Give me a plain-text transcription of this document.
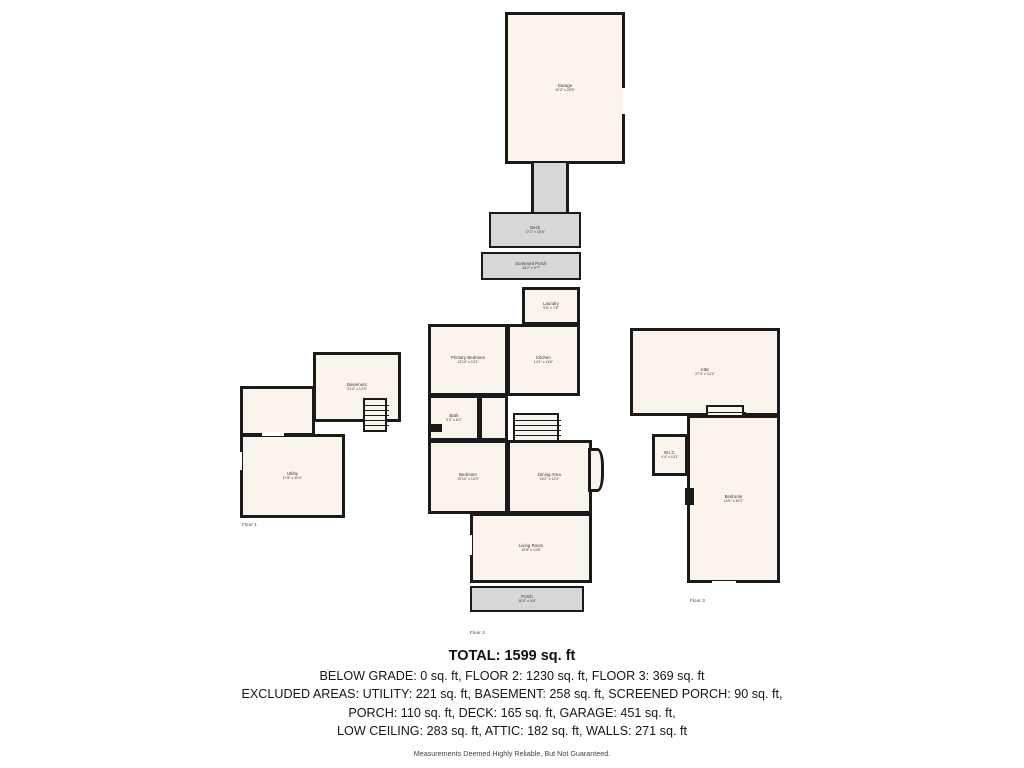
Garage
19'2" x 20'5"
Deck
17'2" x 15'6"
Screened Porch
16'2" x 5'7"
Laundry
9'6" x 7'8"
Primary Bedroom
13'10" x 13'1"
Kitchen
14'1" x 11'6"
Bath
9'3" x 6'2"
Bedroom
13'10" x 13'3"
Dining Area
16'2" x 13'4"
Living Room
19'6" x 13'6"
Porch
16'5" x 5'8"
Floor 2
Basement
21'2" x 12'5"
Utility
17'6" x 10'4"
Floor 1
Attic
27'3" x 14'4"
W.I.C.
4'4" x 13'1"
Bedroom
14'5" x 30'2"
Floor 3
TOTAL: 1599 sq. ft
BELOW GRADE: 0 sq. ft, FLOOR 2: 1230 sq. ft, FLOOR 3: 369 sq. ft
EXCLUDED AREAS: UTILITY: 221 sq. ft, BASEMENT: 258 sq. ft, SCREENED PORCH: 90 sq. ft,
PORCH: 110 sq. ft, DECK: 165 sq. ft, GARAGE: 451 sq. ft,
LOW CEILING: 283 sq. ft, ATTIC: 182 sq. ft, WALLS: 271 sq. ft
Measurements Deemed Highly Reliable, But Not Guaranteed.
